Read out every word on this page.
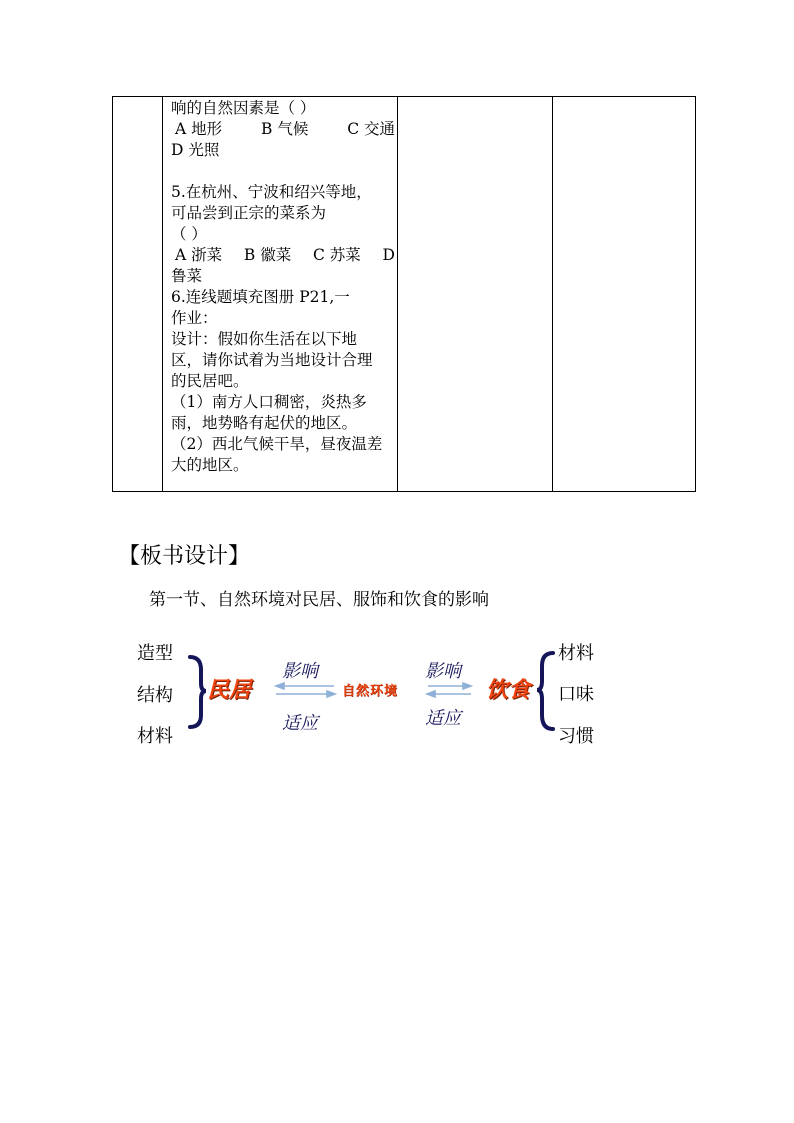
响的自然因素是（ ）

A 地形	B 气候	C 交通

D 光照

5.在杭州、宁波和绍兴等地，

可品尝到正宗的菜系为

（ ）

A 浙菜 B 徽菜 C 苏菜 D

鲁菜

6.连线题填充图册 P21,一

作业：

设计：假如你生活在以下地

区，请你试着为当地设计合理

的民居吧。

（1）南方人口稠密，炎热多

雨，地势略有起伏的地区。

（2）西北气候干旱，昼夜温差

大的地区。

【板书设计】
第一节、自然环境对民居、服饰和饮食的影响
造型
结构
材料
材料
口味
习惯
民居	自然环境	饮食
影响
适应
影响
适应
